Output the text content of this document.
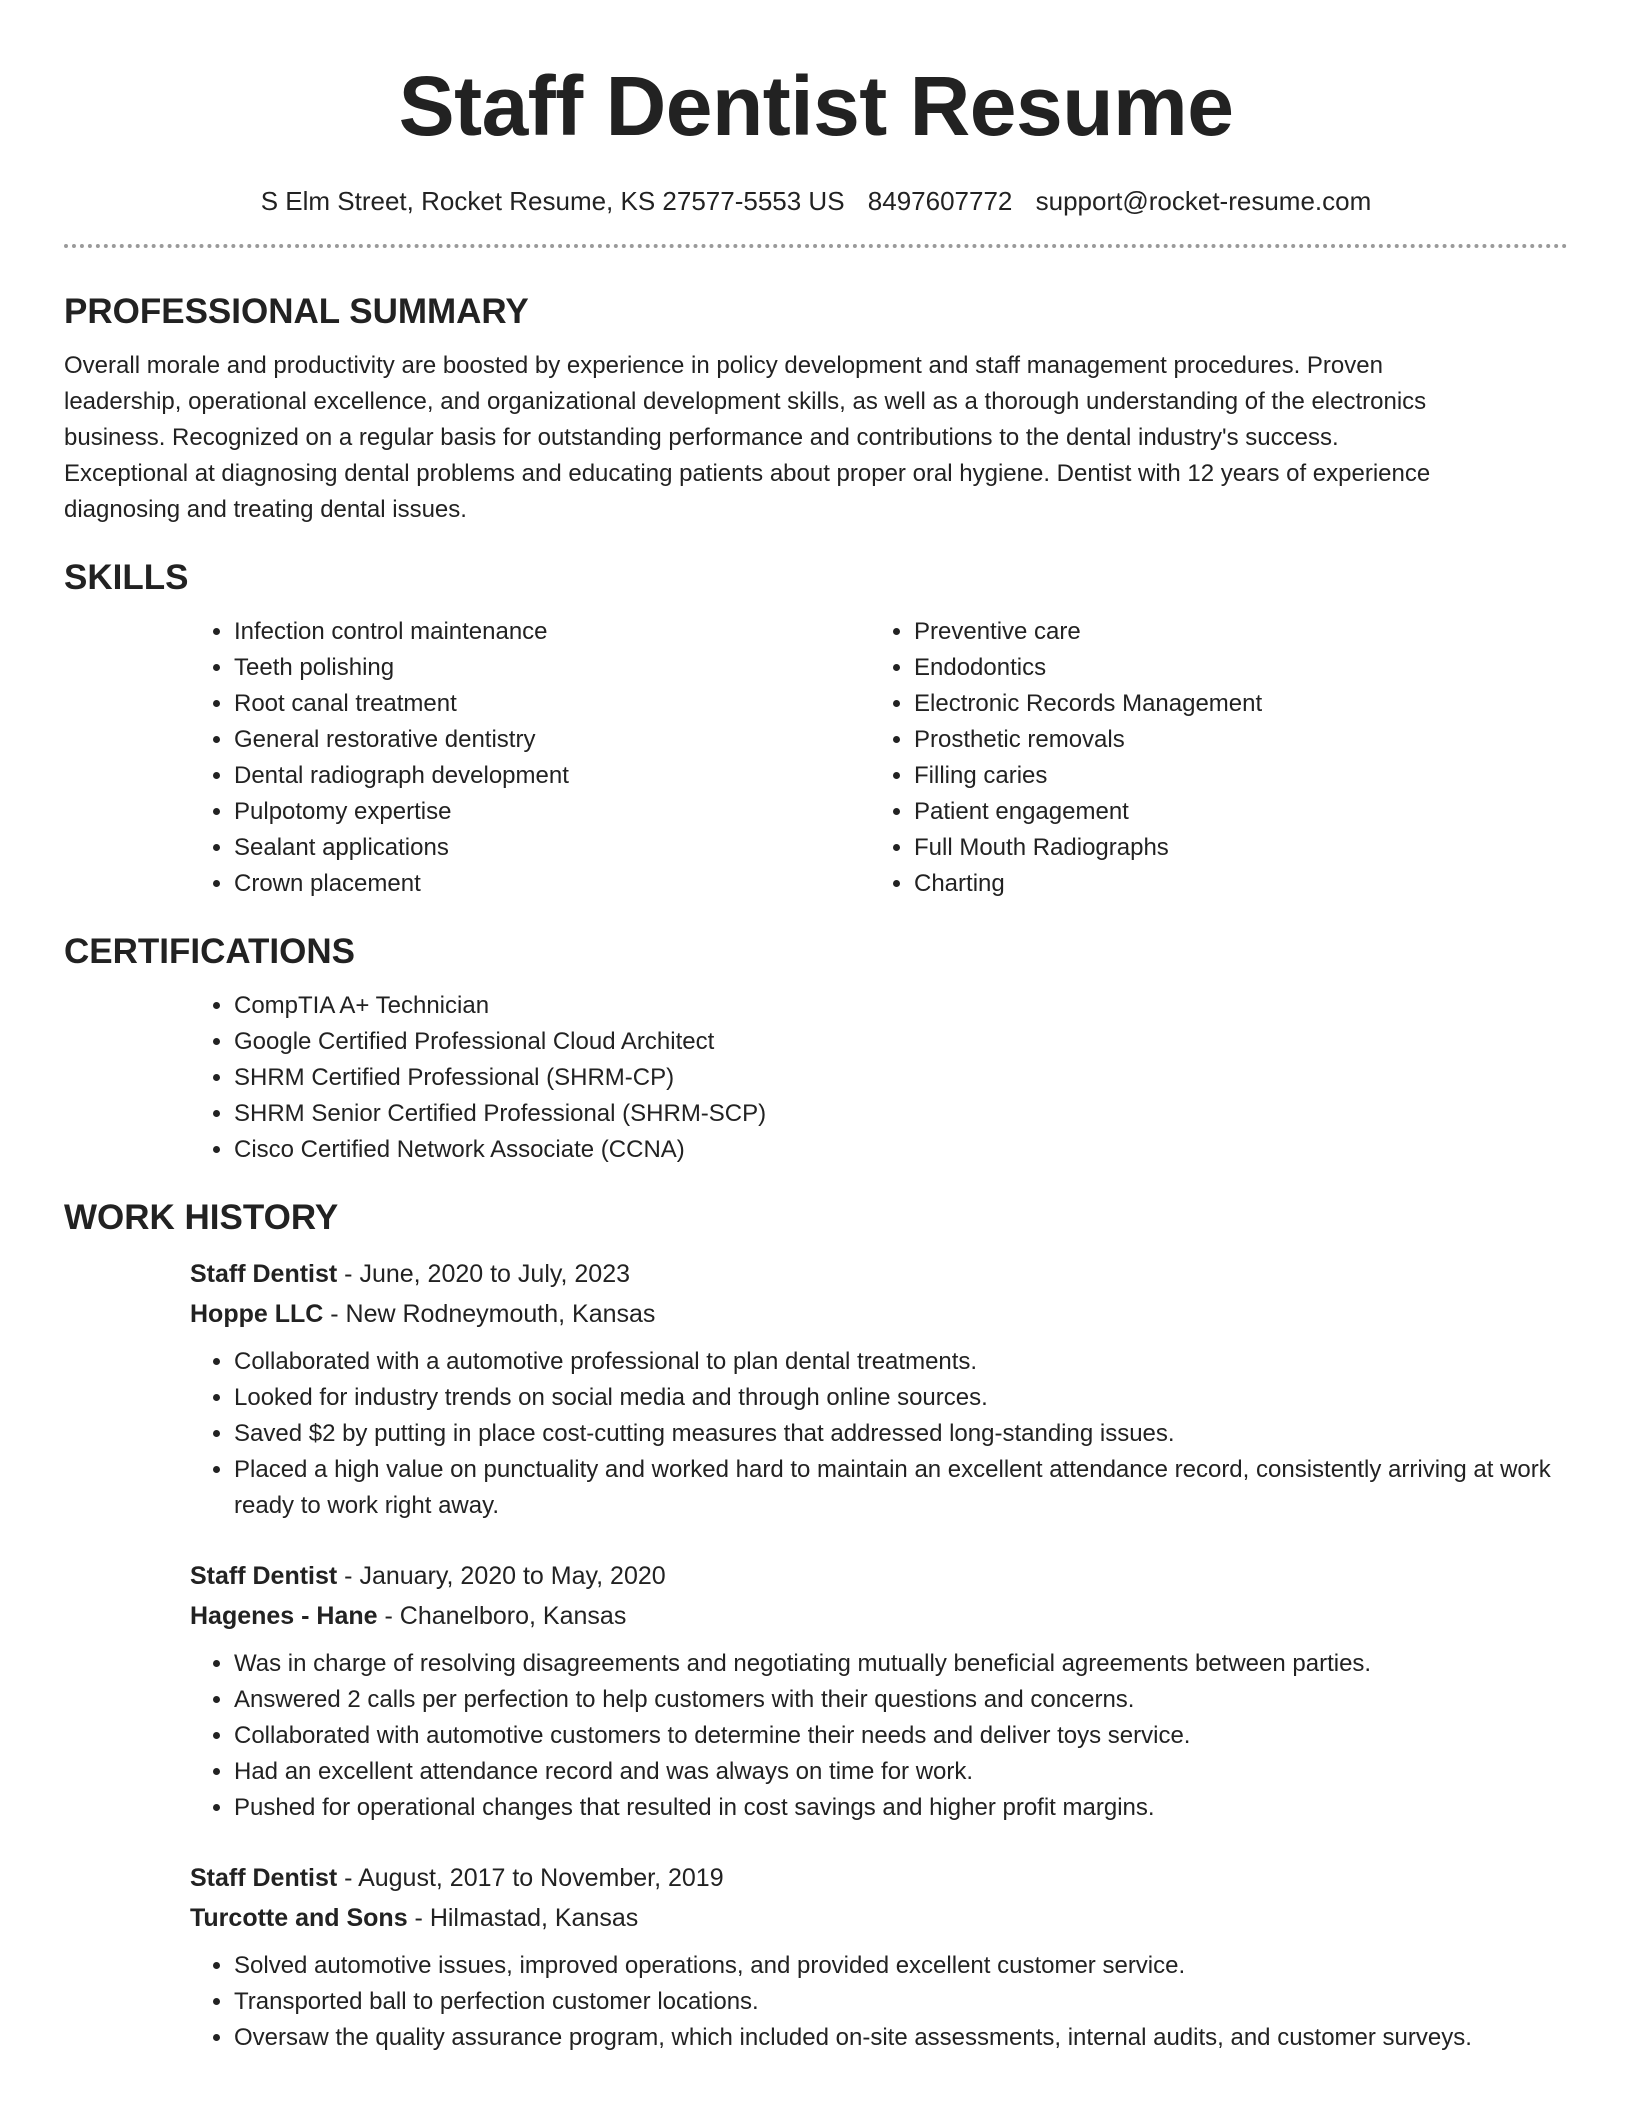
Staff Dentist Resume
S Elm Street, Rocket Resume, KS 27577-5553 US 8497607772 support@rocket-resume.com
PROFESSIONAL SUMMARY

Overall morale and productivity are boosted by experience in policy development and staff management procedures. Proven leadership, operational excellence, and organizational development skills, as well as a thorough understanding of the electronics business. Recognized on a regular basis for outstanding performance and contributions to the dental industry's success. Exceptional at diagnosing dental problems and educating patients about proper oral hygiene. Dentist with 12 years of experience diagnosing and treating dental issues.

SKILLS
• Infection control maintenance
• Teeth polishing
• Root canal treatment
• General restorative dentistry
• Dental radiograph development
• Pulpotomy expertise
• Sealant applications
• Crown placement
• Preventive care
• Endodontics
• Electronic Records Management
• Prosthetic removals
• Filling caries
• Patient engagement
• Full Mouth Radiographs
• Charting
CERTIFICATIONS
• CompTIA A+ Technician
• Google Certified Professional Cloud Architect
• SHRM Certified Professional (SHRM-CP)
• SHRM Senior Certified Professional (SHRM-SCP)
• Cisco Certified Network Associate (CCNA)
WORK HISTORY
Staff Dentist - June, 2020 to July, 2023
Hoppe LLC - New Rodneymouth, Kansas
• Collaborated with a automotive professional to plan dental treatments.
• Looked for industry trends on social media and through online sources.
• Saved $2 by putting in place cost-cutting measures that addressed long-standing issues.
• Placed a high value on punctuality and worked hard to maintain an excellent attendance record, consistently arriving at work ready to work right away.
Staff Dentist - January, 2020 to May, 2020
Hagenes - Hane - Chanelboro, Kansas
• Was in charge of resolving disagreements and negotiating mutually beneficial agreements between parties.
• Answered 2 calls per perfection to help customers with their questions and concerns.
• Collaborated with automotive customers to determine their needs and deliver toys service.
• Had an excellent attendance record and was always on time for work.
• Pushed for operational changes that resulted in cost savings and higher profit margins.
Staff Dentist - August, 2017 to November, 2019
Turcotte and Sons - Hilmastad, Kansas
• Solved automotive issues, improved operations, and provided excellent customer service.
• Transported ball to perfection customer locations.
• Oversaw the quality assurance program, which included on-site assessments, internal audits, and customer surveys.
